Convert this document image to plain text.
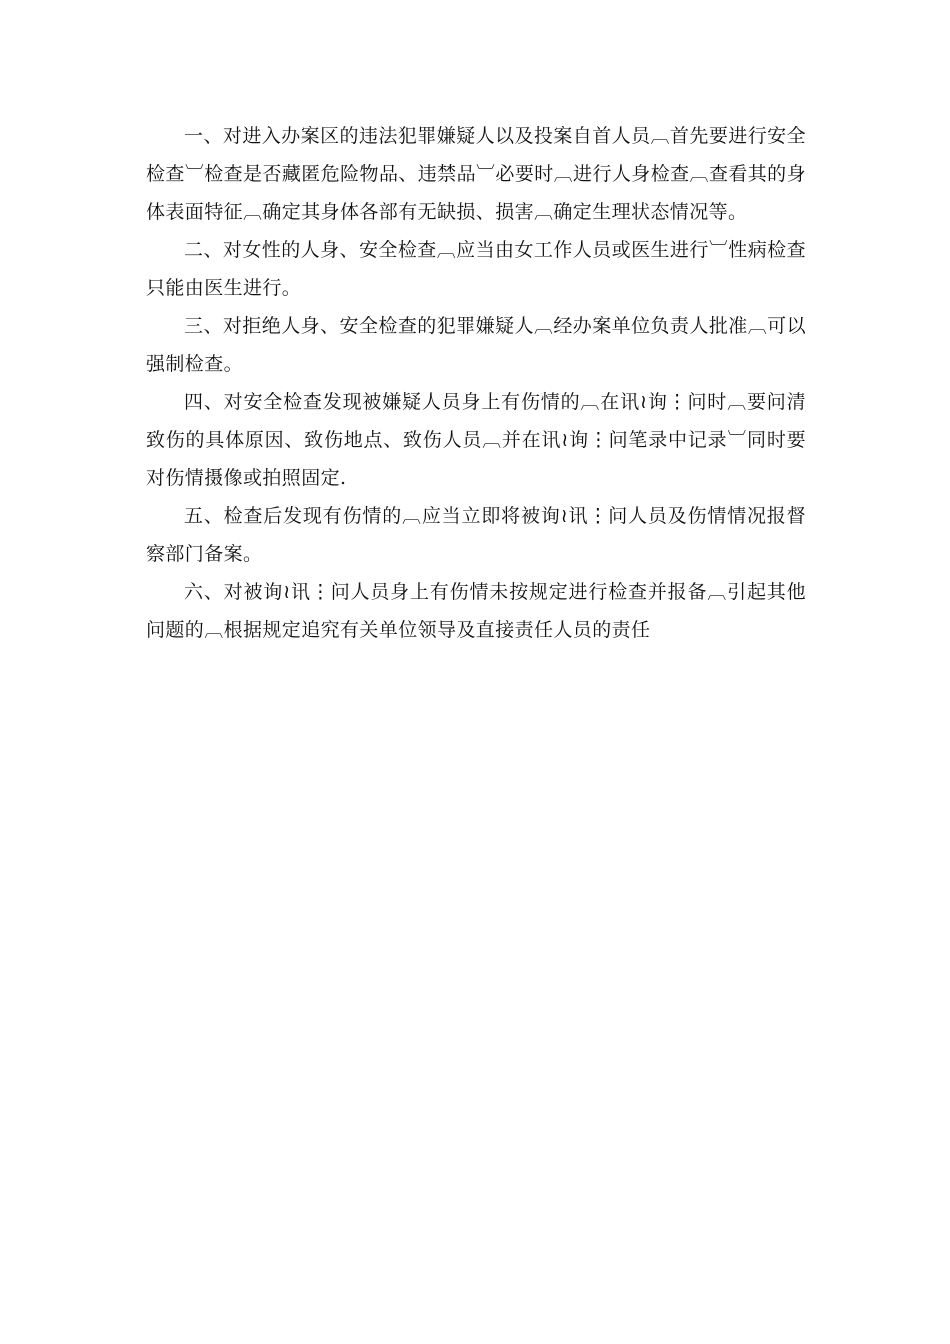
一、对进入办案区的违法犯罪嫌疑人以及投案自首人员︹首先要进行安全检查︺检查是否藏匿危险物品、违禁品︺必要时︹进行人身检查︹查看其的身体表面特征︹确定其身体各部有无缺损、损害︹确定生理状态情况等。

二、对女性的人身、安全检查︹应当由女工作人员或医生进行︺性病检查只能由医生进行。

三、对拒绝人身、安全检查的犯罪嫌疑人︹经办案单位负责人批准︹可以强制检查。

四、对安全检查发现被嫌疑人员身上有伤情的︹在讯≀询⋮问时︹要问清致伤的具体原因、致伤地点、致伤人员︹并在讯≀询⋮问笔录中记录︺同时要对伤情摄像或拍照固定.

五、检查后发现有伤情的︹应当立即将被询≀讯⋮问人员及伤情情况报督察部门备案。

六、对被询≀讯⋮问人员身上有伤情未按规定进行检查并报备︹引起其他问题的︹根据规定追究有关单位领导及直接责任人员的责任
